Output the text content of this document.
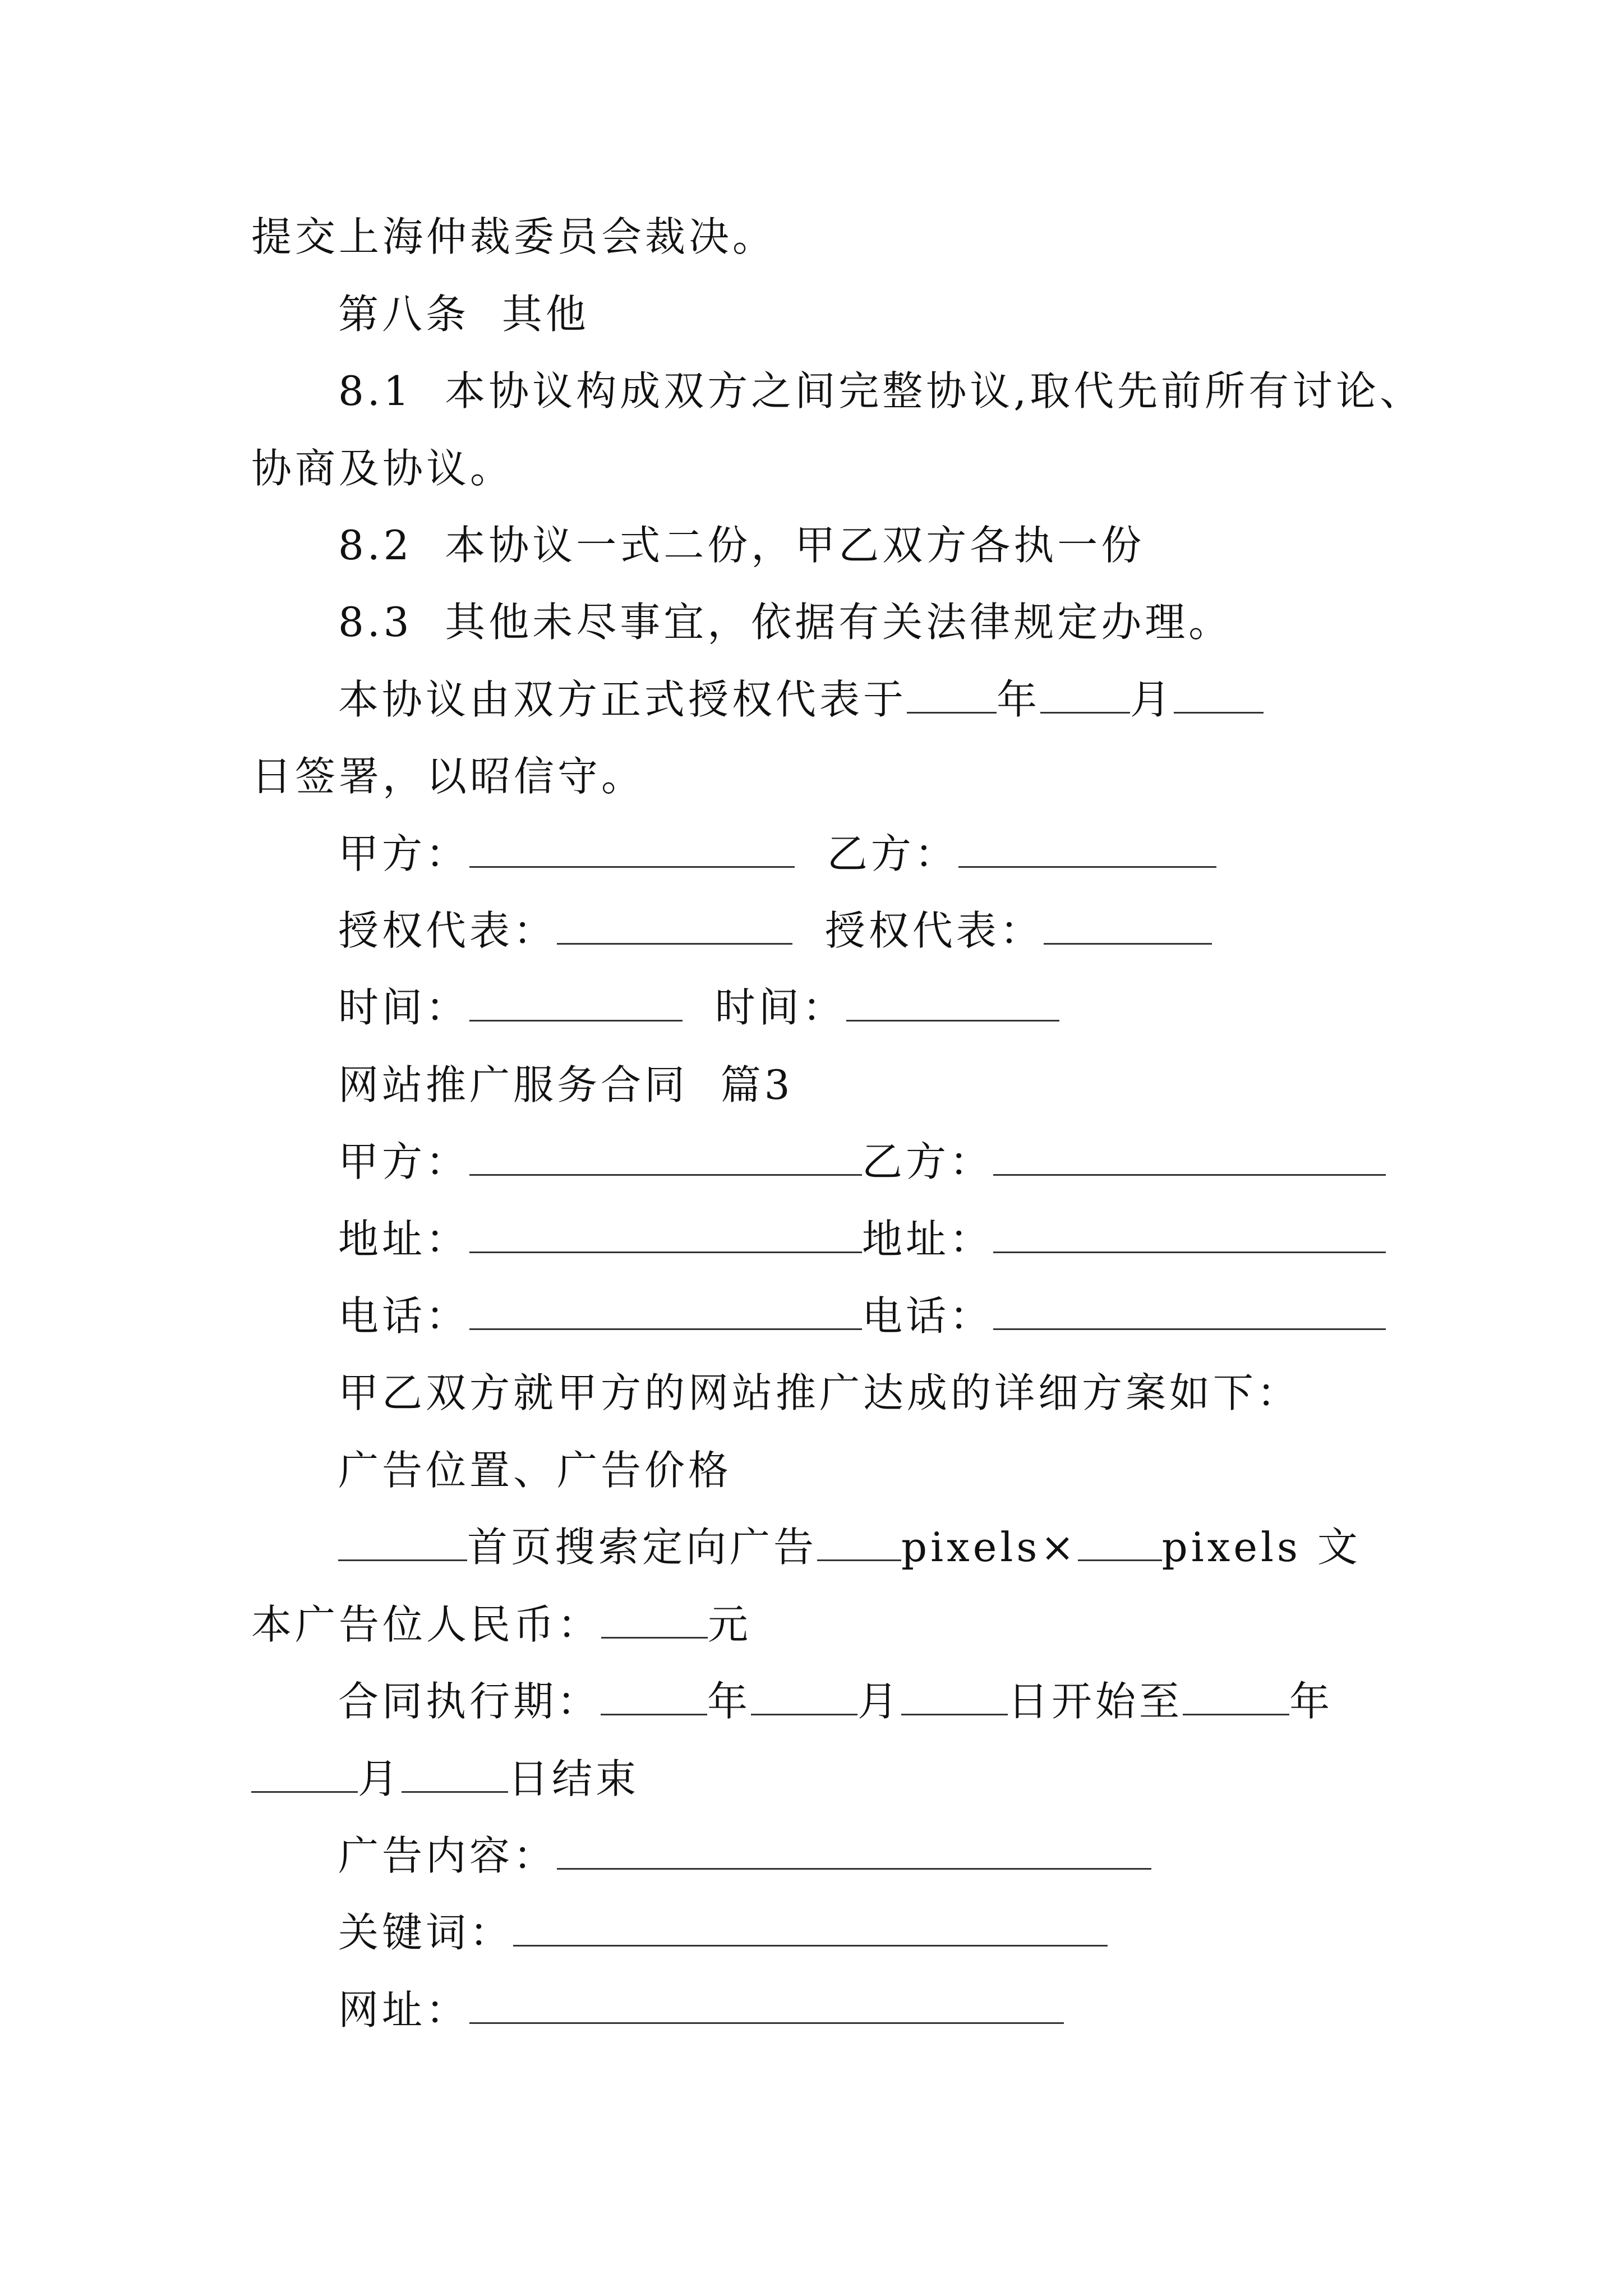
提交上海仲裁委员会裁决。
第八条  其他
8.1  本协议构成双方之间完整协议,取代先前所有讨论、
协商及协议。
8.2  本协议一式二份，甲乙双方各执一份
8.3  其他未尽事宜，依据有关法律规定办理。
本协议由双方正式授权代表于 年 月
日签署，以昭信守。
甲方：	乙方：
授权代表：	授权代表：
时间：	时间：
网站推广服务合同  篇3
甲方：	乙方：
地址：	地址：
电话：	电话：
甲乙双方就甲方的网站推广达成的详细方案如下：
广告位置、广告价格
首页搜索定向广告 pixels× pixels 文
本广告位人民币：	元
合同执行期：	年	月	日开始至	年
月	日结束
广告内容：
关键词：
网址：
